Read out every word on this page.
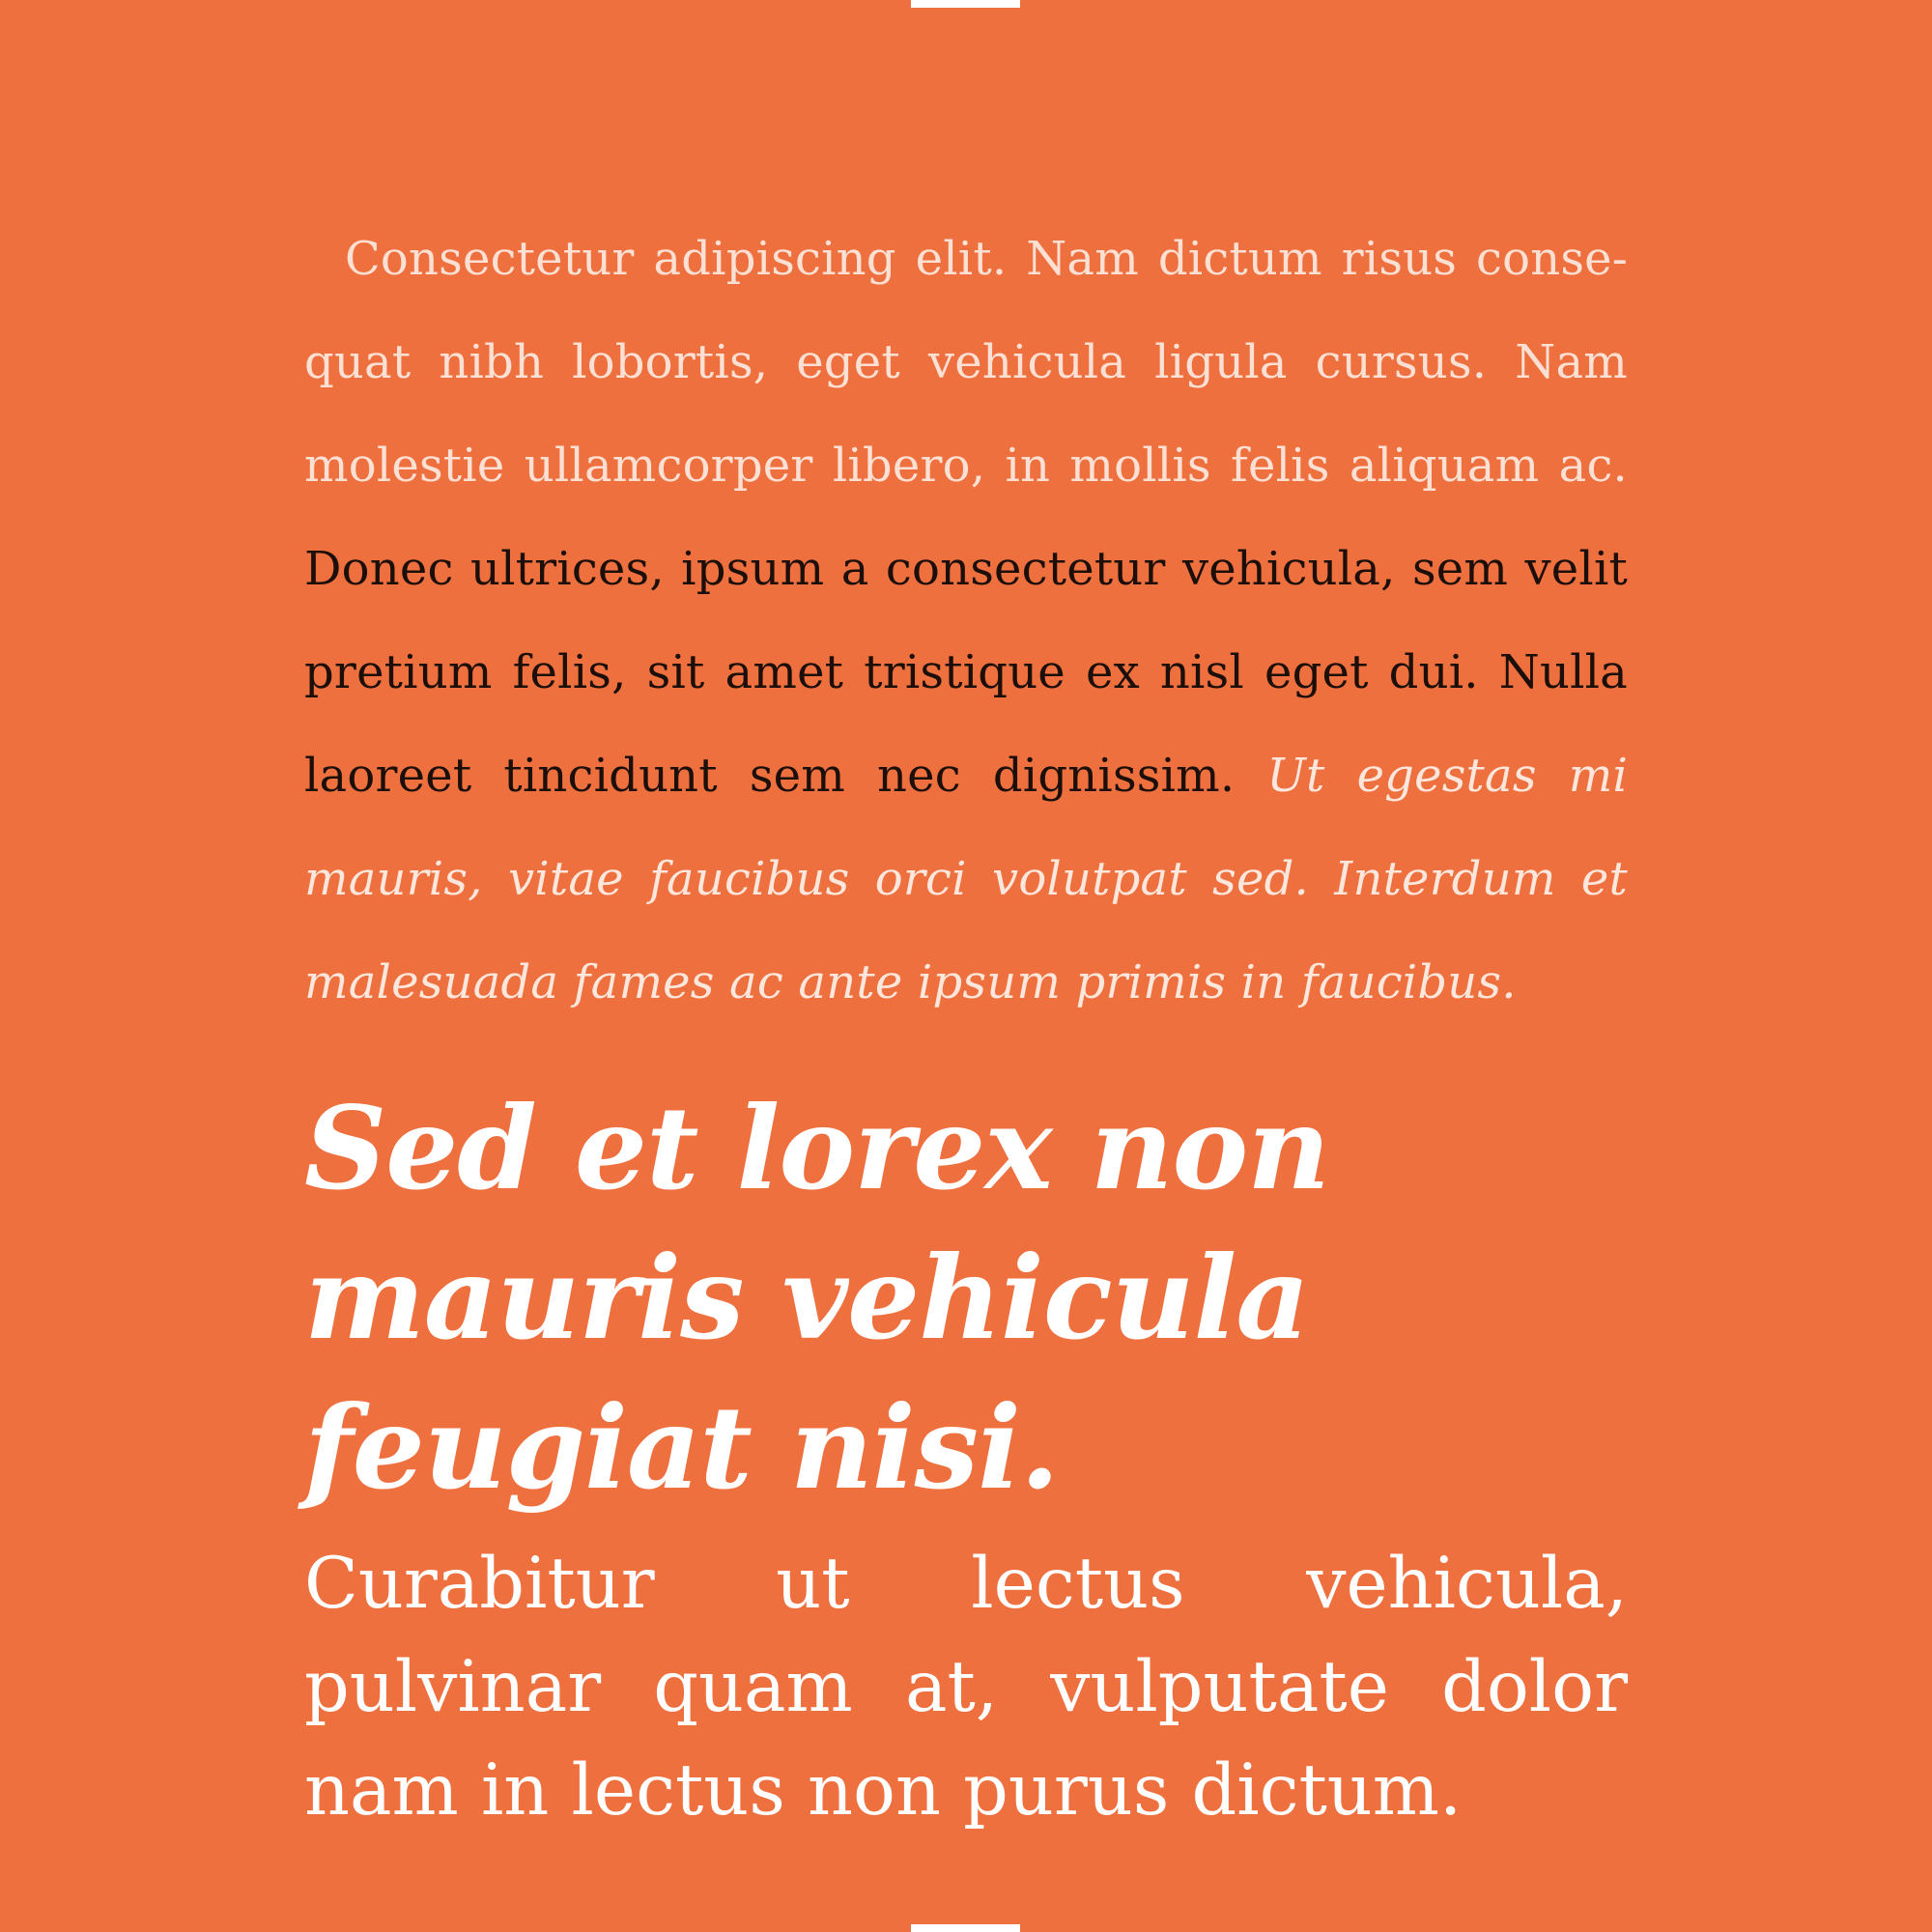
Consectetur adipiscing elit. Nam dictum risus consequat nibh lobortis, eget vehicula ligula cursus. Nam molestie ullamcorper libero, in mollis felis aliquam ac. Donec ultrices, ipsum a consectetur vehicula, sem velit pretium felis, sit amet tristique ex nisl eget dui. Nulla laoreet tincidunt sem nec dignissim. Ut egestas mi mauris, vitae faucibus orci volutpat sed. Interdum et malesuada fames ac ante ipsum primis in faucibus.

Sed et lorex non mauris vehicula feugiat nisi.

Curabitur ut lectus vehicula, pulvinar quam at, vulputate dolor nam in lectus non purus dictum.
